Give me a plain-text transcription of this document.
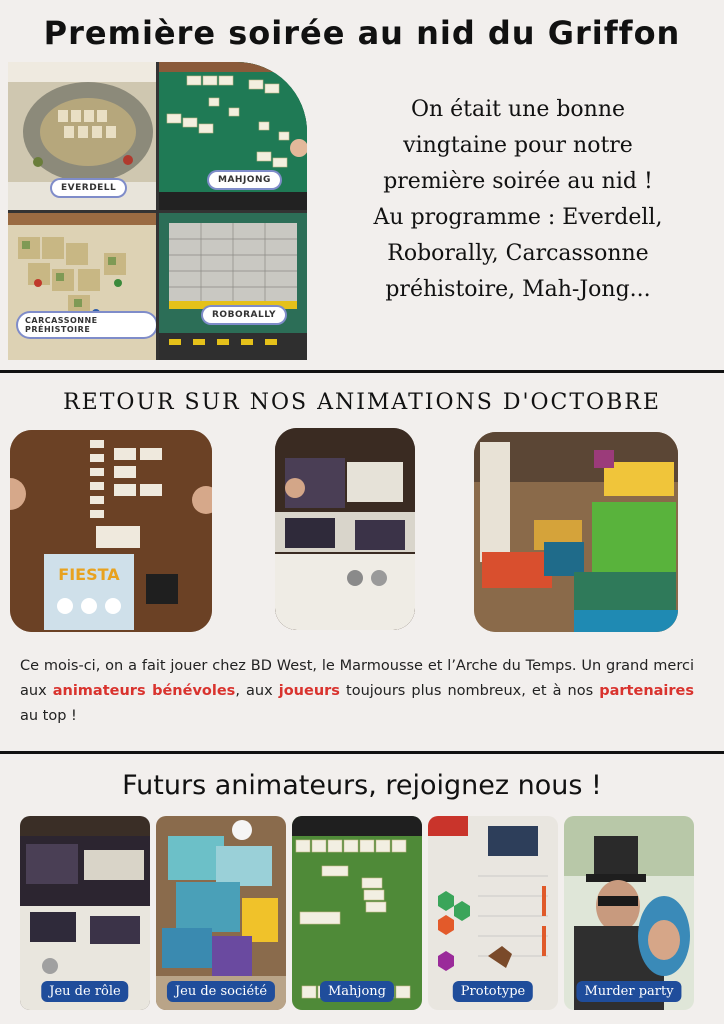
Première soirée au nid du Griffon
EVERDELL
MAHJONG
CARCASSONNE PRÉHISTOIRE
ROBORALLY
On était une bonne
vingtaine pour notre
première soirée au nid !
Au programme : Everdell,
Roborally, Carcassonne
préhistoire, Mah-Jong...
RETOUR SUR NOS ANIMATIONS D'OCTOBRE
FIESTA
Ce mois-ci, on a fait jouer chez BD West, le Marmousse et l’Arche du Temps. Un grand merci aux animateurs bénévoles, aux joueurs toujours plus nombreux, et à nos partenaires au top !
Futurs animateurs, rejoignez nous !
Jeu de rôle	Jeu de société	Mahjong	Prototype	Murder party
